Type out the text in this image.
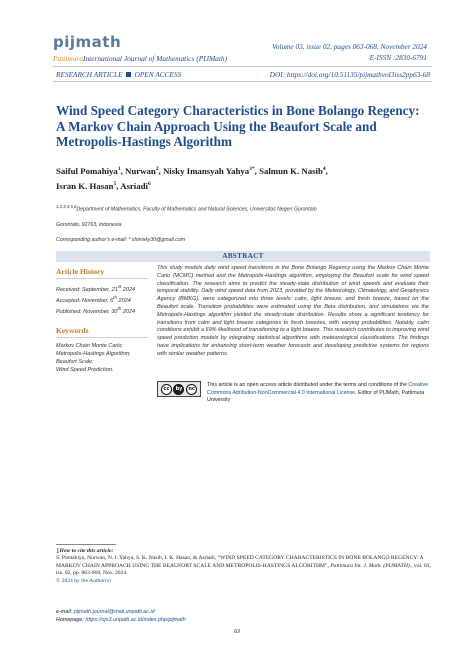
pijmath
PattimuraInternational Journal of Mathematics (PIJMath)
Volume 03, issue 02, pages 063-068, November 2024
E-ISSN :2830-6791
RESEARCH ARTICLE OPEN ACCESS	DOI: https://doi.org/10.51135/pijmathvol3iss2pp63-68
Wind Speed Category Characteristics in Bone Bolango Regency: A Markov Chain Approach Using the Beaufort Scale and Metropolis-Hastings Algorithm
Saiful Pomahiya$^1$, Nurwan$^2$, Nisky Imansyah Yahya$^{3*}$, Salmun K. Nasib$^4$,
Isran K. Hasan$^5$, Asriadi$^6$
$^{1,2,3,4,5,6}$Department of Mathematics, Faculty of Mathematics and Natural Sciences, Universitas Negeri Gorontalo
Gorontalo, 92763, Indonesia
Corresponding author’s e-mail: * shinisky30@gmail.com
ABSTRACT
Article History
Received: September, 21st 2024
Accepted: November, 6th 2024
Published: November, 30th 2024
Keywords
Markov Chain Monte Carlo;
Metropolis-Hastings Algorithm;
Beaufort Scale;
Wind Speed Prediction.

This study models daily wind speed transitions in the Bone Bolango Regency using the Markov Chain Monte Carlo (MCMC) method and the Metropolis-Hastings algorithm, employing the Beaufort scale for wind speed classification. The research aims to predict the steady-state distribution of wind speeds and evaluate their temporal stability. Daily wind speed data from 2023, provided by the Meteorology, Climatology, and Geophysics Agency (BMKG), were categorized into three levels: calm, light breeze, and fresh breeze, based on the Beaufort scale. Transition probabilities were estimated using the Beta distribution, and simulations via the Metropolis-Hastings algorithm yielded the steady-state distribution. Results show a significant tendency for transitions from calm and light breeze categories to fresh breezes, with varying probabilities. Notably, calm conditions exhibit a 69% likelihood of transitioning to a light breeze. This research contributes to improving wind speed prediction models by integrating statistical algorithms with meteorological classifications. The findings have implications for enhancing short-term weather forecasts and developing predictive systems for regions with similar weather patterns.

cc	by	nc
This article is an open access article distributed under the terms and conditions of the Creative Commons Attribution-NonCommercial 4.0 International License. Editor of PIJMath, Pattimura University
$^1$How to cite this article:
S. Pomahiya, Nurwan, N. I. Yahya, S. K. Nasib, I. K. Hasan, & Asriadi, “WIND SPEED CATEGORY CHARACTERISTICS IN BONE BOLANGO REGENCY: A MARKOV CHAIN APPROACH USING THE BEAUFORT SCALE AND METROPOLIS-HASTINGS ALGORITHM”, Pattimura Int. J. Math. (PIJMATH)., vol. 03, iss. 02, pp. 063-068, Nov. 2024.
© 2024 by the Author(s)
e-mail: pijmath.journal@mail.unpatti.ac.id
Homepage: https://ojs3.unpatti.ac.id/index.php/pijmath
63
